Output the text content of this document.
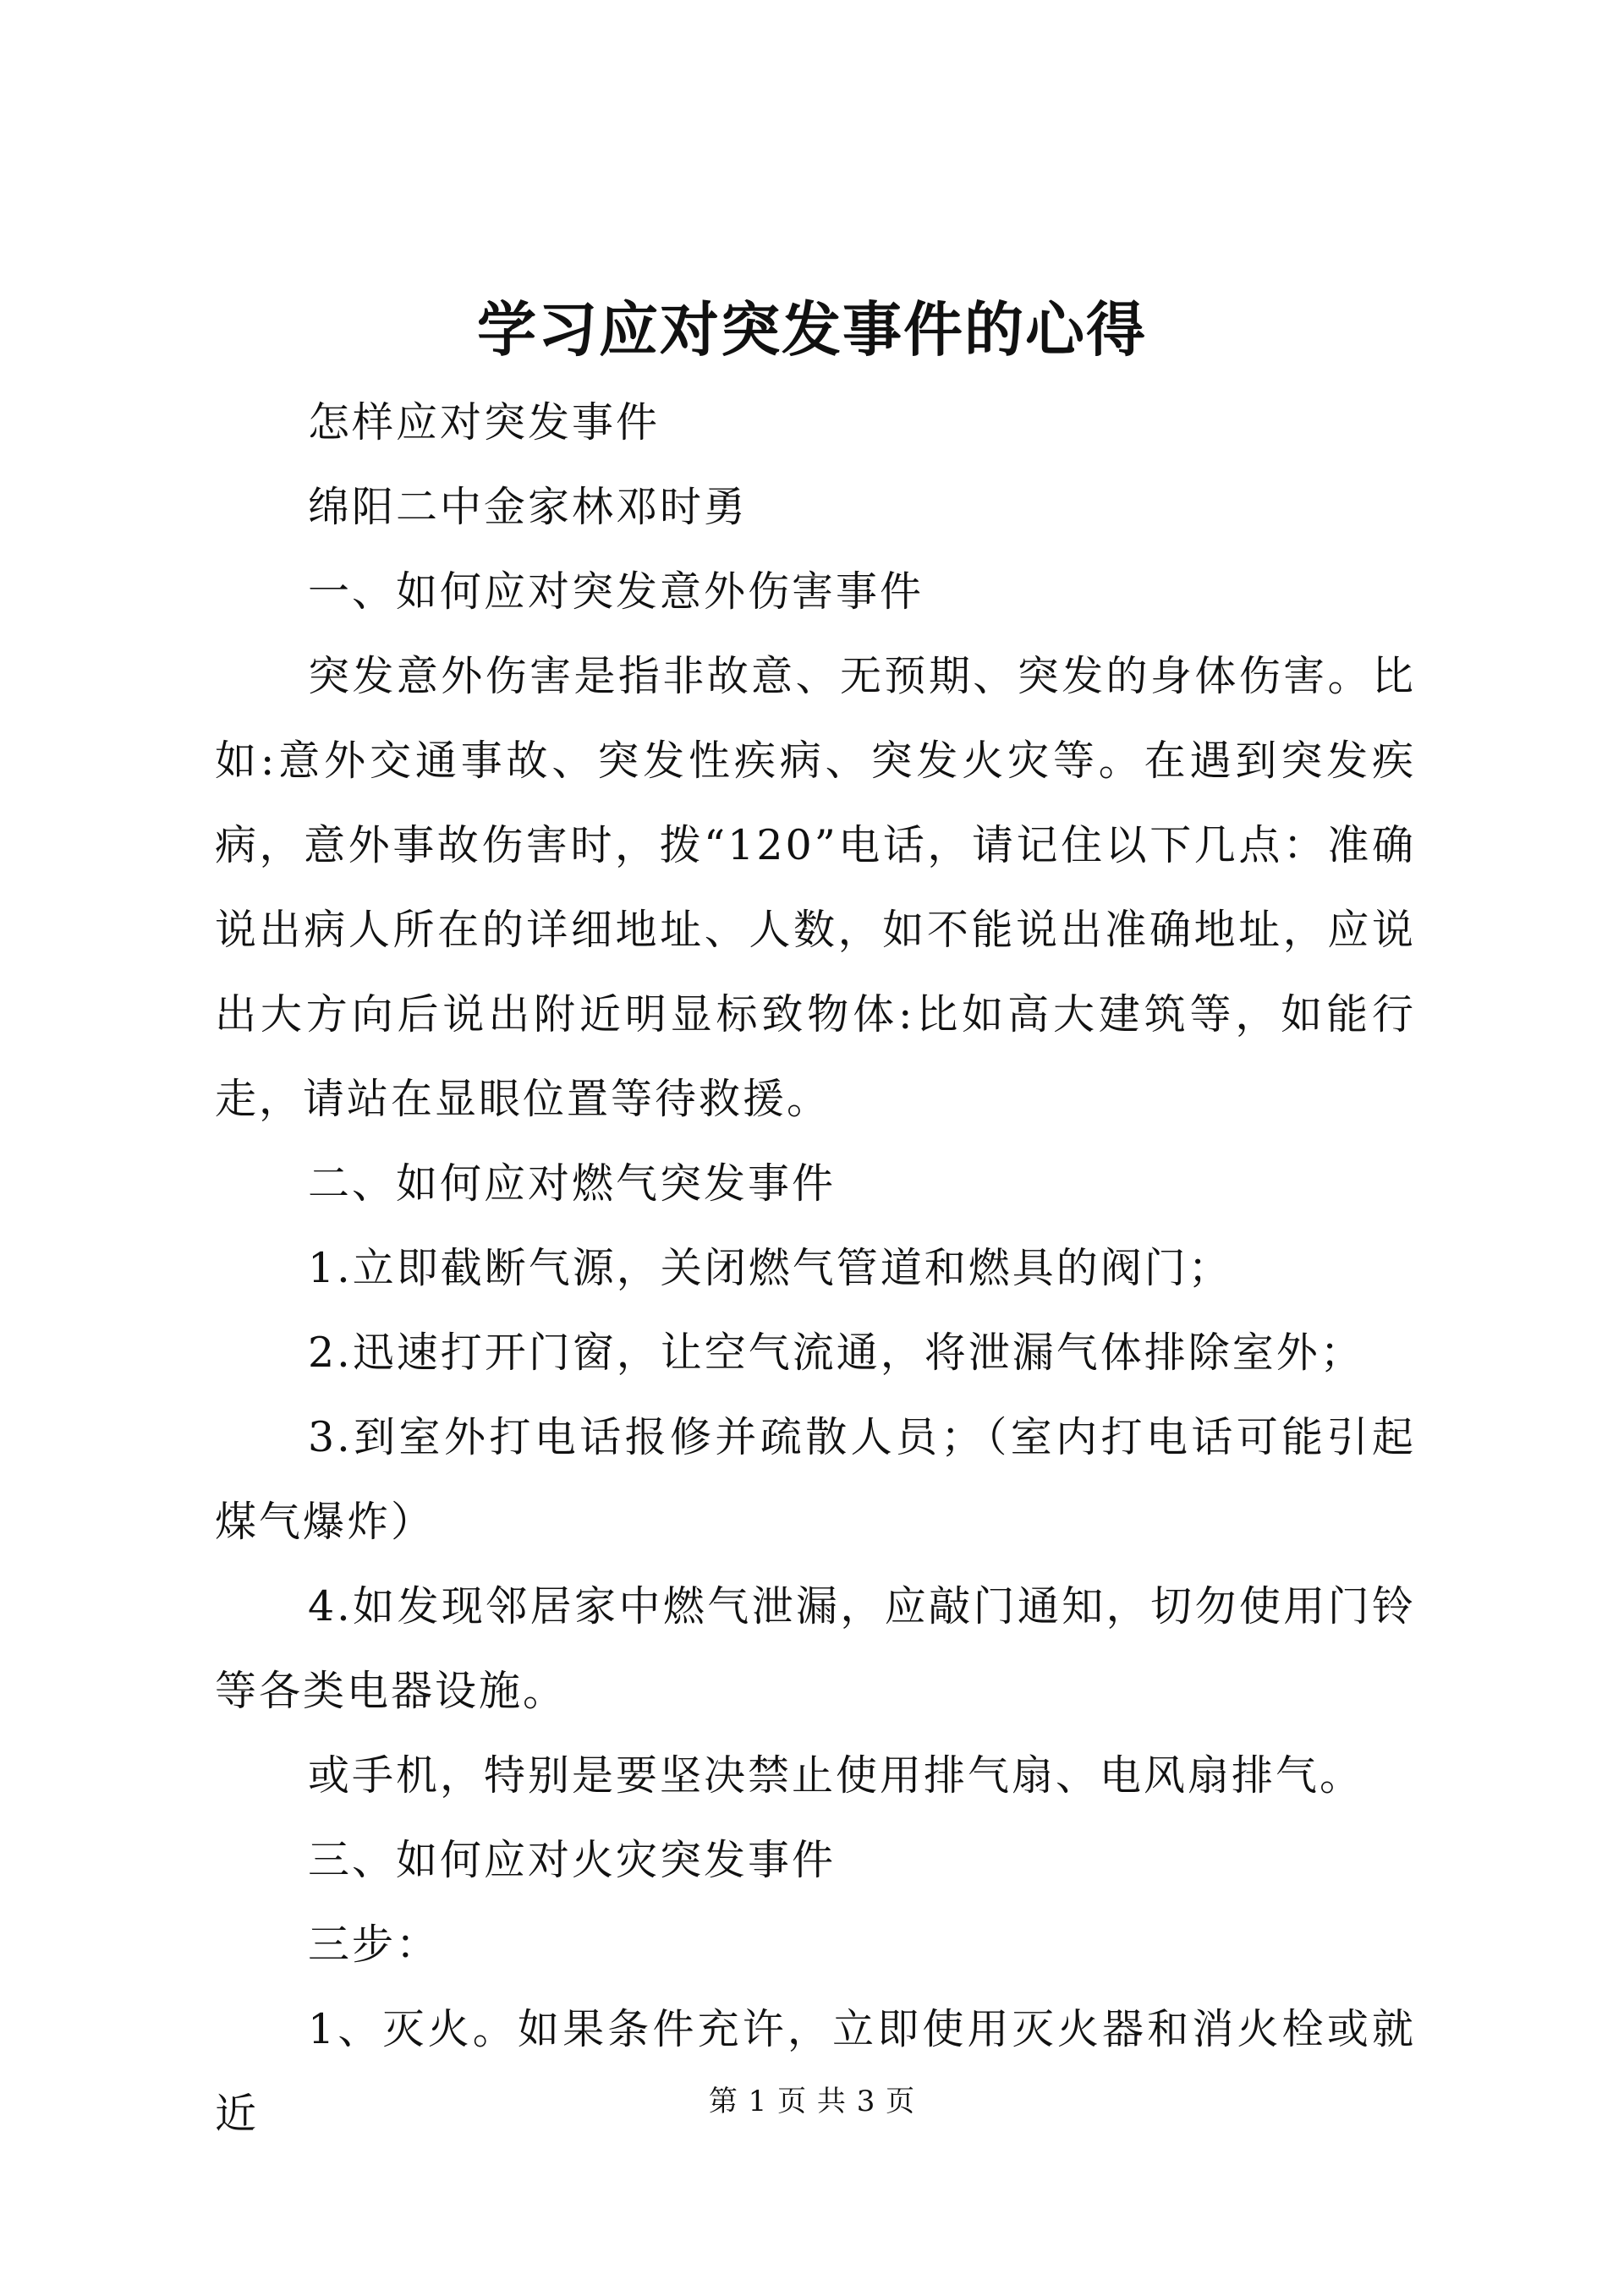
学习应对突发事件的心得

怎样应对突发事件

绵阳二中金家林邓时勇

一、如何应对突发意外伤害事件

突发意外伤害是指非故意、无预期、突发的身体伤害。比如:意外交通事故、突发性疾病、突发火灾等。在遇到突发疾病，意外事故伤害时，拨“120”电话，请记住以下几点：准确说出病人所在的详细地址、人数，如不能说出准确地址，应说出大方向后说出附近明显标致物体:比如高大建筑等，如能行走，请站在显眼位置等待救援。

二、如何应对燃气突发事件

1.立即截断气源，关闭燃气管道和燃具的阀门；

2.迅速打开门窗，让空气流通，将泄漏气体排除室外；

3.到室外打电话报修并疏散人员；（室内打电话可能引起煤气爆炸）

4.如发现邻居家中燃气泄漏，应敲门通知，切勿使用门铃等各类电器设施。

或手机，特别是要坚决禁止使用排气扇、电风扇排气。

三、如何应对火灾突发事件

三步：

1、灭火。如果条件充许，立即使用灭火器和消火栓或就近	第 1 页 共 3 页
